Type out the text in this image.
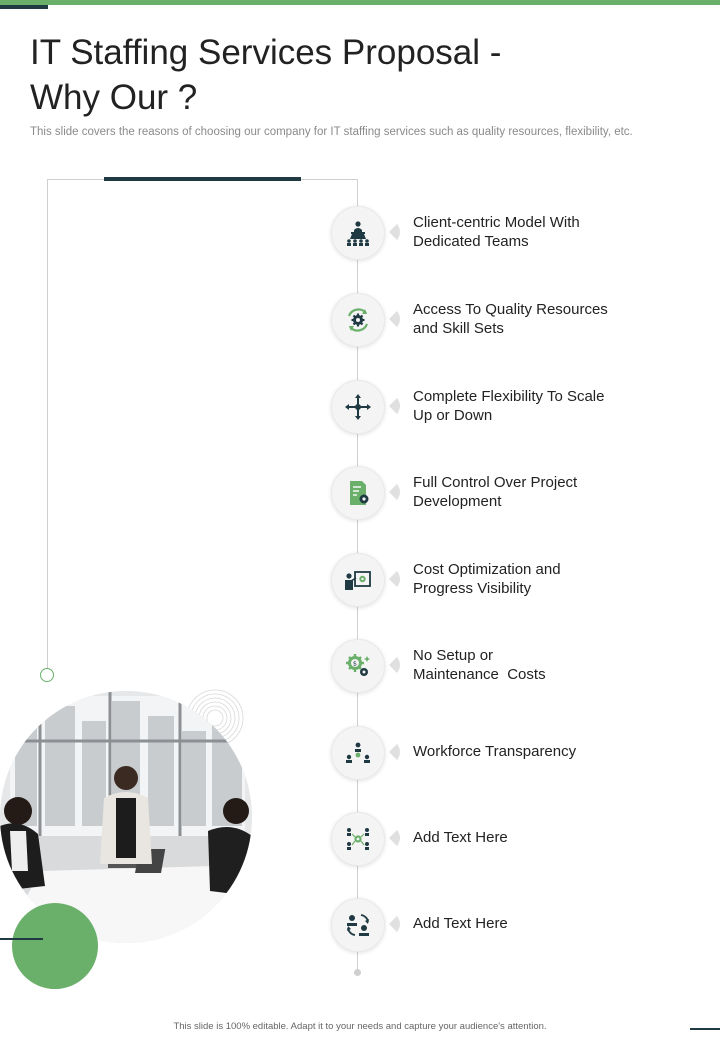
IT Staffing Services Proposal -
Why Our ?
This slide covers the reasons of choosing our company for IT staffing services such as quality resources, flexibility, etc.
Client-centric Model With
Dedicated Teams
Access To Quality Resources
and Skill Sets
Complete Flexibility To Scale
Up or Down
Full Control Over Project
Development
Cost Optimization and
Progress Visibility
$	No Setup or
Maintenance  Costs
Workforce Transparency
Add Text Here
Add Text Here
This slide is 100% editable. Adapt it to your needs and capture your audience's attention.
